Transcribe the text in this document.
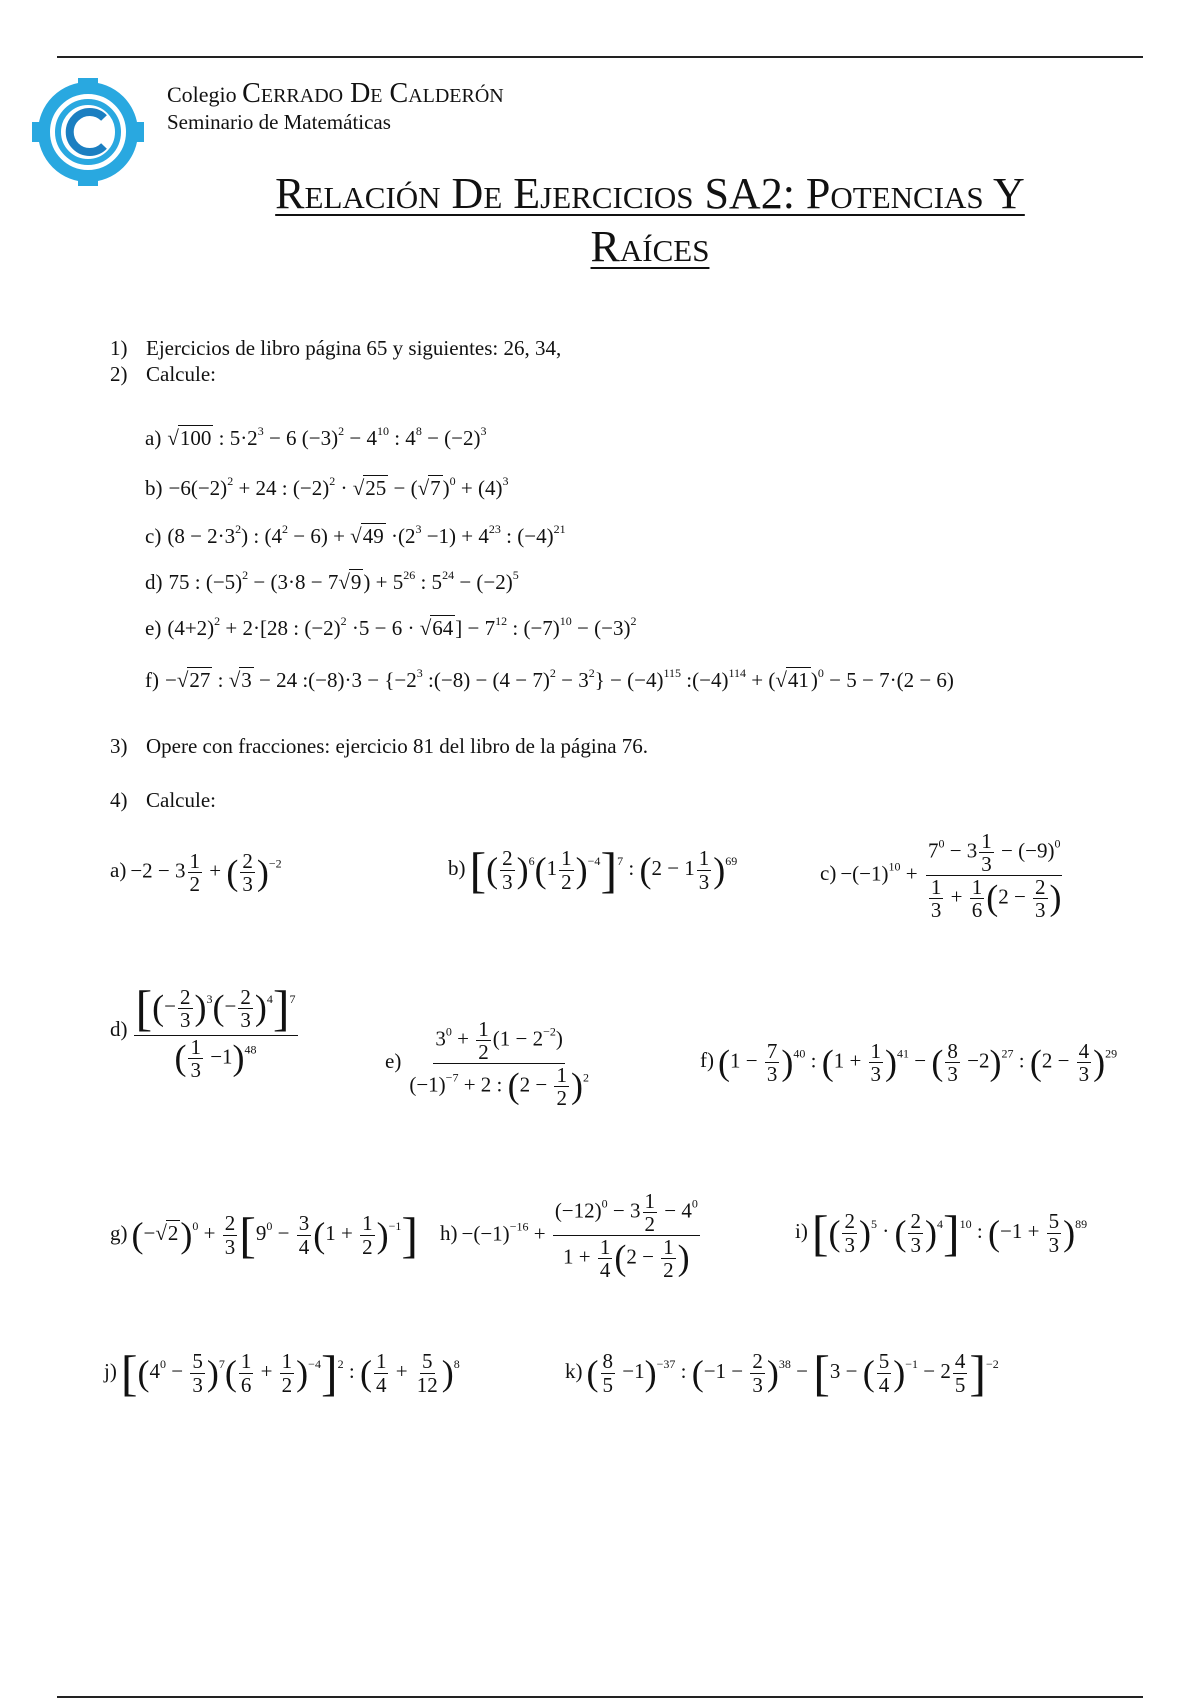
Colegio Cerrado De Calderón
Seminario de Matemáticas
Relación De Ejercicios SA2: Potencias Y
Raíces
1) Ejercicios de libro página 65 y siguientes: 26, 34,
2) Calcule:
a) √100 : $5\cdot 2^3 - 6$ $(-3)^2 - 4^{10}$ : $4^8 - (-2)^3$
$b) -6(-2)^2 + 24$ : $(-2)^2 \cdot √25 - (√7)^0 + (4)^3$
c) $(8 - 2\cdot 3^2)$ : $(4^2 - 6) + √49 \cdot(2^3 -1) + 4^{23}$ : $(-4)^{21}$
d) 75 : $(-5)^2 - (3\cdot 8 - 7√9) + 5^{26}$ : $5^{24} - (-2)^5$
e) $(4+2)^2 + 2\cdot[28$ : $(-2)^2 \cdot 5 - 6 \cdot √64] - 7^{12}$ : $(-7)^{10} - (-3)^2$
f) −√27 : √3 − 24 :(−8)·3 − {$-2^3$ :(−8) − $(4 - 7)^2 - 3^2\} - (-4)^{115}$ $:(-4)^{114} + (√41)^0 - 5 - 7\cdot(2 - 6)$
3) Opere con fracciones: ejercicio 81 del libro de la página 76.
4) Calcule:
$a) -2 - 3 \frac{1}{2}$ + ( $\frac{2}{3} )^{-2}$	$b)[( \frac{2}{3} )^6(1 \frac{1}{2} )^{-4}]^7$ : $(2 - 1 \frac{1}{3} )^{69}$
$c) -(-1)^{10} + \frac{7^0 - 3 \frac{1}{3} - (-9)^0}{\frac{1}{3} + \frac{1}{6} (2 - \frac{2}{3} )}$
$d) \frac{[(- \frac{2}{3} )^3(- \frac{2}{3} )^4]^7}{( \frac{1}{3} -1)^{48}}$	$e) \frac{3^0 + \frac{1}{2} (1 - 2^{-2})}{(-1)^{-7} + 2 : (2 - \frac{1}{2} )^2}$	f) $(1 - \frac{7}{3} )^{40}$ : $(1 + \frac{1}{3} )^{41}$ − ( $\frac{8}{3} -2)^{27}$ : $(2 - \frac{4}{3} )^{29}$
g) $(-√2)^0 + \frac{2}{3} [9^0 - \frac{3}{4} (1 + \frac{1}{2} )^{-1}]$ $h) -(-1)^{-16} + \frac{(-12)^0 - 3 \frac{1}{2} - 4^0}{1 + \frac{1}{4} (2 - \frac{1}{2} )}$	$i)[( \frac{2}{3} )^5$ · ( $\frac{2}{3} )^4]^{10}$ : $(-1 + \frac{5}{3} )^{89}$
$j)[(4^0 - \frac{5}{3} )^7( \frac{1}{6} + \frac{1}{2} )^{-4}]^2$ : ( $\frac{1}{4} + \frac{5}{12} )^8$	k) ( $\frac{8}{5} -1)^{-37}$ : $(-1 - \frac{2}{3} )^{38} - [3$ − ( $\frac{5}{4} )^{-1} - 2 \frac{4}{5} ]^{-2}$
